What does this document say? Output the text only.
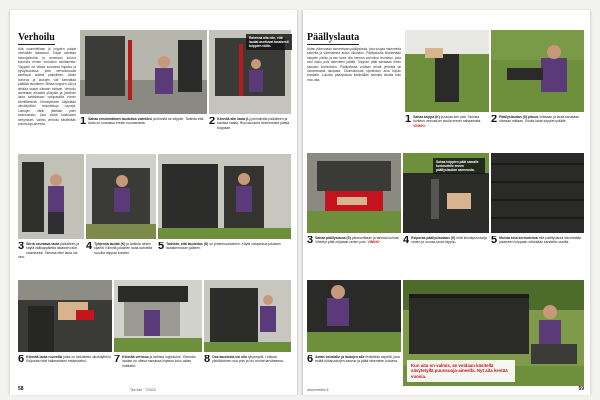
Verhoilu
Aita suunnitellaan ja tolppien paikat merkitään maastoon. Tolpat valetaan betonijalkoihin ja annetaan kuivua kunnolla ennen verhoilun aloittamista. Tolppien on oltava suorassa linjassa ja pystysuorassa, jotta verhoilulaudat asettuvat siististi paikoilleen. Aidan korkeus ja lautojen väli kannattaa päättää etukäteen. Mittaa tolppien väli ja leikkaa laudat oikeaan mittaan. Verhoilu aloitetaan alhaalta ylöspäin ja jokainen lauta tarkistetaan vatupassilla ennen kiinnittämistä. Kiinnitykseen käytetään ulkokäyttöön tarkoitettuja ruuveja. Lautojen väliin jätetään pieni tuuletusrako, joka estää kosteuden kertymisen. Valmis verhoilu käsitellään puunsuoja-aineella.
Rakenna aita niin, että laudat asettuvat tasaisesti tolppien väliin.
1 Sahaa ensimmäinen laudoitus valmiiksi ja kiinnitä se tolppiin. Tarkista että lauta on suorassa ennen ruuvaamista.	2 Kiinnitä alin lauta (L) puristimilla paikalleen ja tarkista vaaka. Ruuvaa lauta molemmista päistä tolppaan.
3 Siirrä seuraava lauta paikalleen ja käytä välikappaletta tasaisen raon saamiseksi. Tarkista ettei lauta ole vino.
4 Tyhjennä laudat (K) ja tarkista niiden sijainti. Kiinnitä jokainen lauta kahdella ruuvilla tolppaa kohden.
5 Tarkista, että laudoitus (S) on yhdensuuntainen. Käytä vatupassia jokaisen lautakerroksen jälkeen.
6 Kiinnitä lauta ruuveilla jotka on tarkoitettu ulkokäyttöön. Esiporaa reiät halkeamisen estämiseksi.	7 Kiinnitä verhous ja tarkista lopputulos. Ylimmän laudan on oltava samassa linjassa koko aidan matkalla.
8 Osa laudoista voi olla lyhyempiä. Leikkaa ylimääräinen osa pois ja hio reunat tarvittaessa.
58	Tee itse · 7/2022
Päällyslauta
Aidan yläreunaan asennetaan päällyslauta, joka suojaa rakennetta sateelta ja viimeistelee aidan ulkonäön. Päällyslauta kiinnitetään tolppien päihin ja sen tulee olla hieman verhoilua leveämpi, jotta vesi valuu pois rakenteen päältä. Tolppien päät sahataan ensin samaan korkeuteen. Päällyslauta voidaan tehdä yhdestä tai useammasta laudasta. Saumakohdat sijoitetaan aina tolpan kohdalle. Lopuksi päällyslauta käsitellään samalla tavalla kuin muu aita.
1 Sahaa tolppa (K) ja tasaa sen pää. Tarkista korkeus vesivaa'an avulla ennen sahaamista. VINKKI:
2 Päällyslaudan (S) pituus mitataan ja lauta sahataan oikeaan mittaan. Sovita lauta tolppien päälle.
Sahaa tolppien päät samalle korkeudelle ennen päällyslaudan asennusta.
3 Sahaa päällyslauta (S) pituusmittaan ja tarkista kulmat. Viistetyt päät ohjaavat veden pois. VINKKI:	4 Esiporaa päällyslautaan (S) reiät kiinnitysruuveja varten ja ruuvaa lauta tolppiin.	5 Muista aina kertoutelma että päällyslauta kiinnitetään jokaiseen tolppaan vähintään kahdella ruuvilla.
Kun aita on valmis, se voidaan käsitellä sävytetyllä puunsuoja-aineella. Nyt aita kestää vuosia.
6 Aidan edustalle ja lautojen alle levitetään sepeliä, joka estää rikkaruohojen kasvun ja pitää rakenteen kuivana.
www.teeitse.fi	59
